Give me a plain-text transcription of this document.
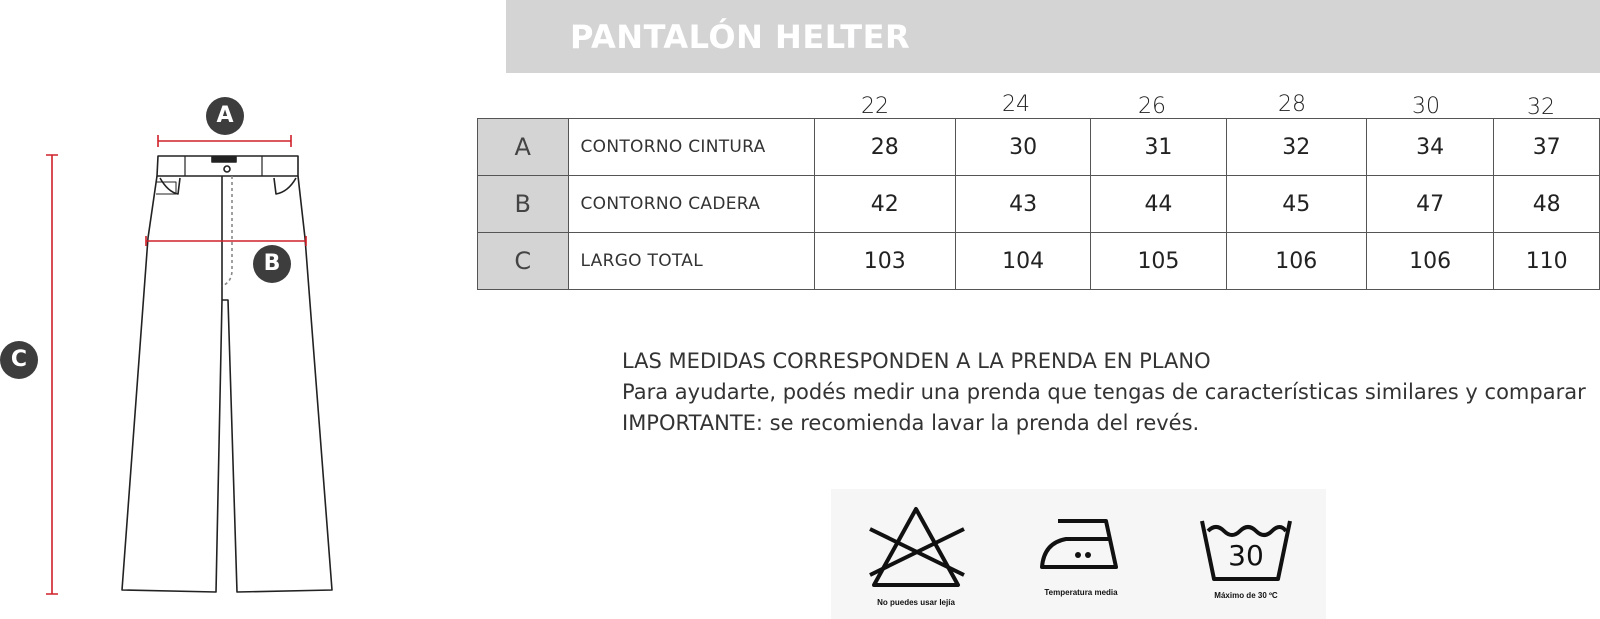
PANTALÓN HELTER
A
B
C
22	24	26	28	30	32
A	CONTORNO CINTURA	28	30	31	32	34	37
B	CONTORNO CADERA	42	43	44	45	47	48
C	LARGO TOTAL	103	104	105	106	106	110
LAS MEDIDAS CORRESPONDEN A LA PRENDA EN PLANO
Para ayudarte, podés medir una prenda que tengas de características similares y comparar
IMPORTANTE: se recomienda lavar la prenda del revés.
No puedes usar lejía
Temperatura media
30
Máximo de 30 ºC
